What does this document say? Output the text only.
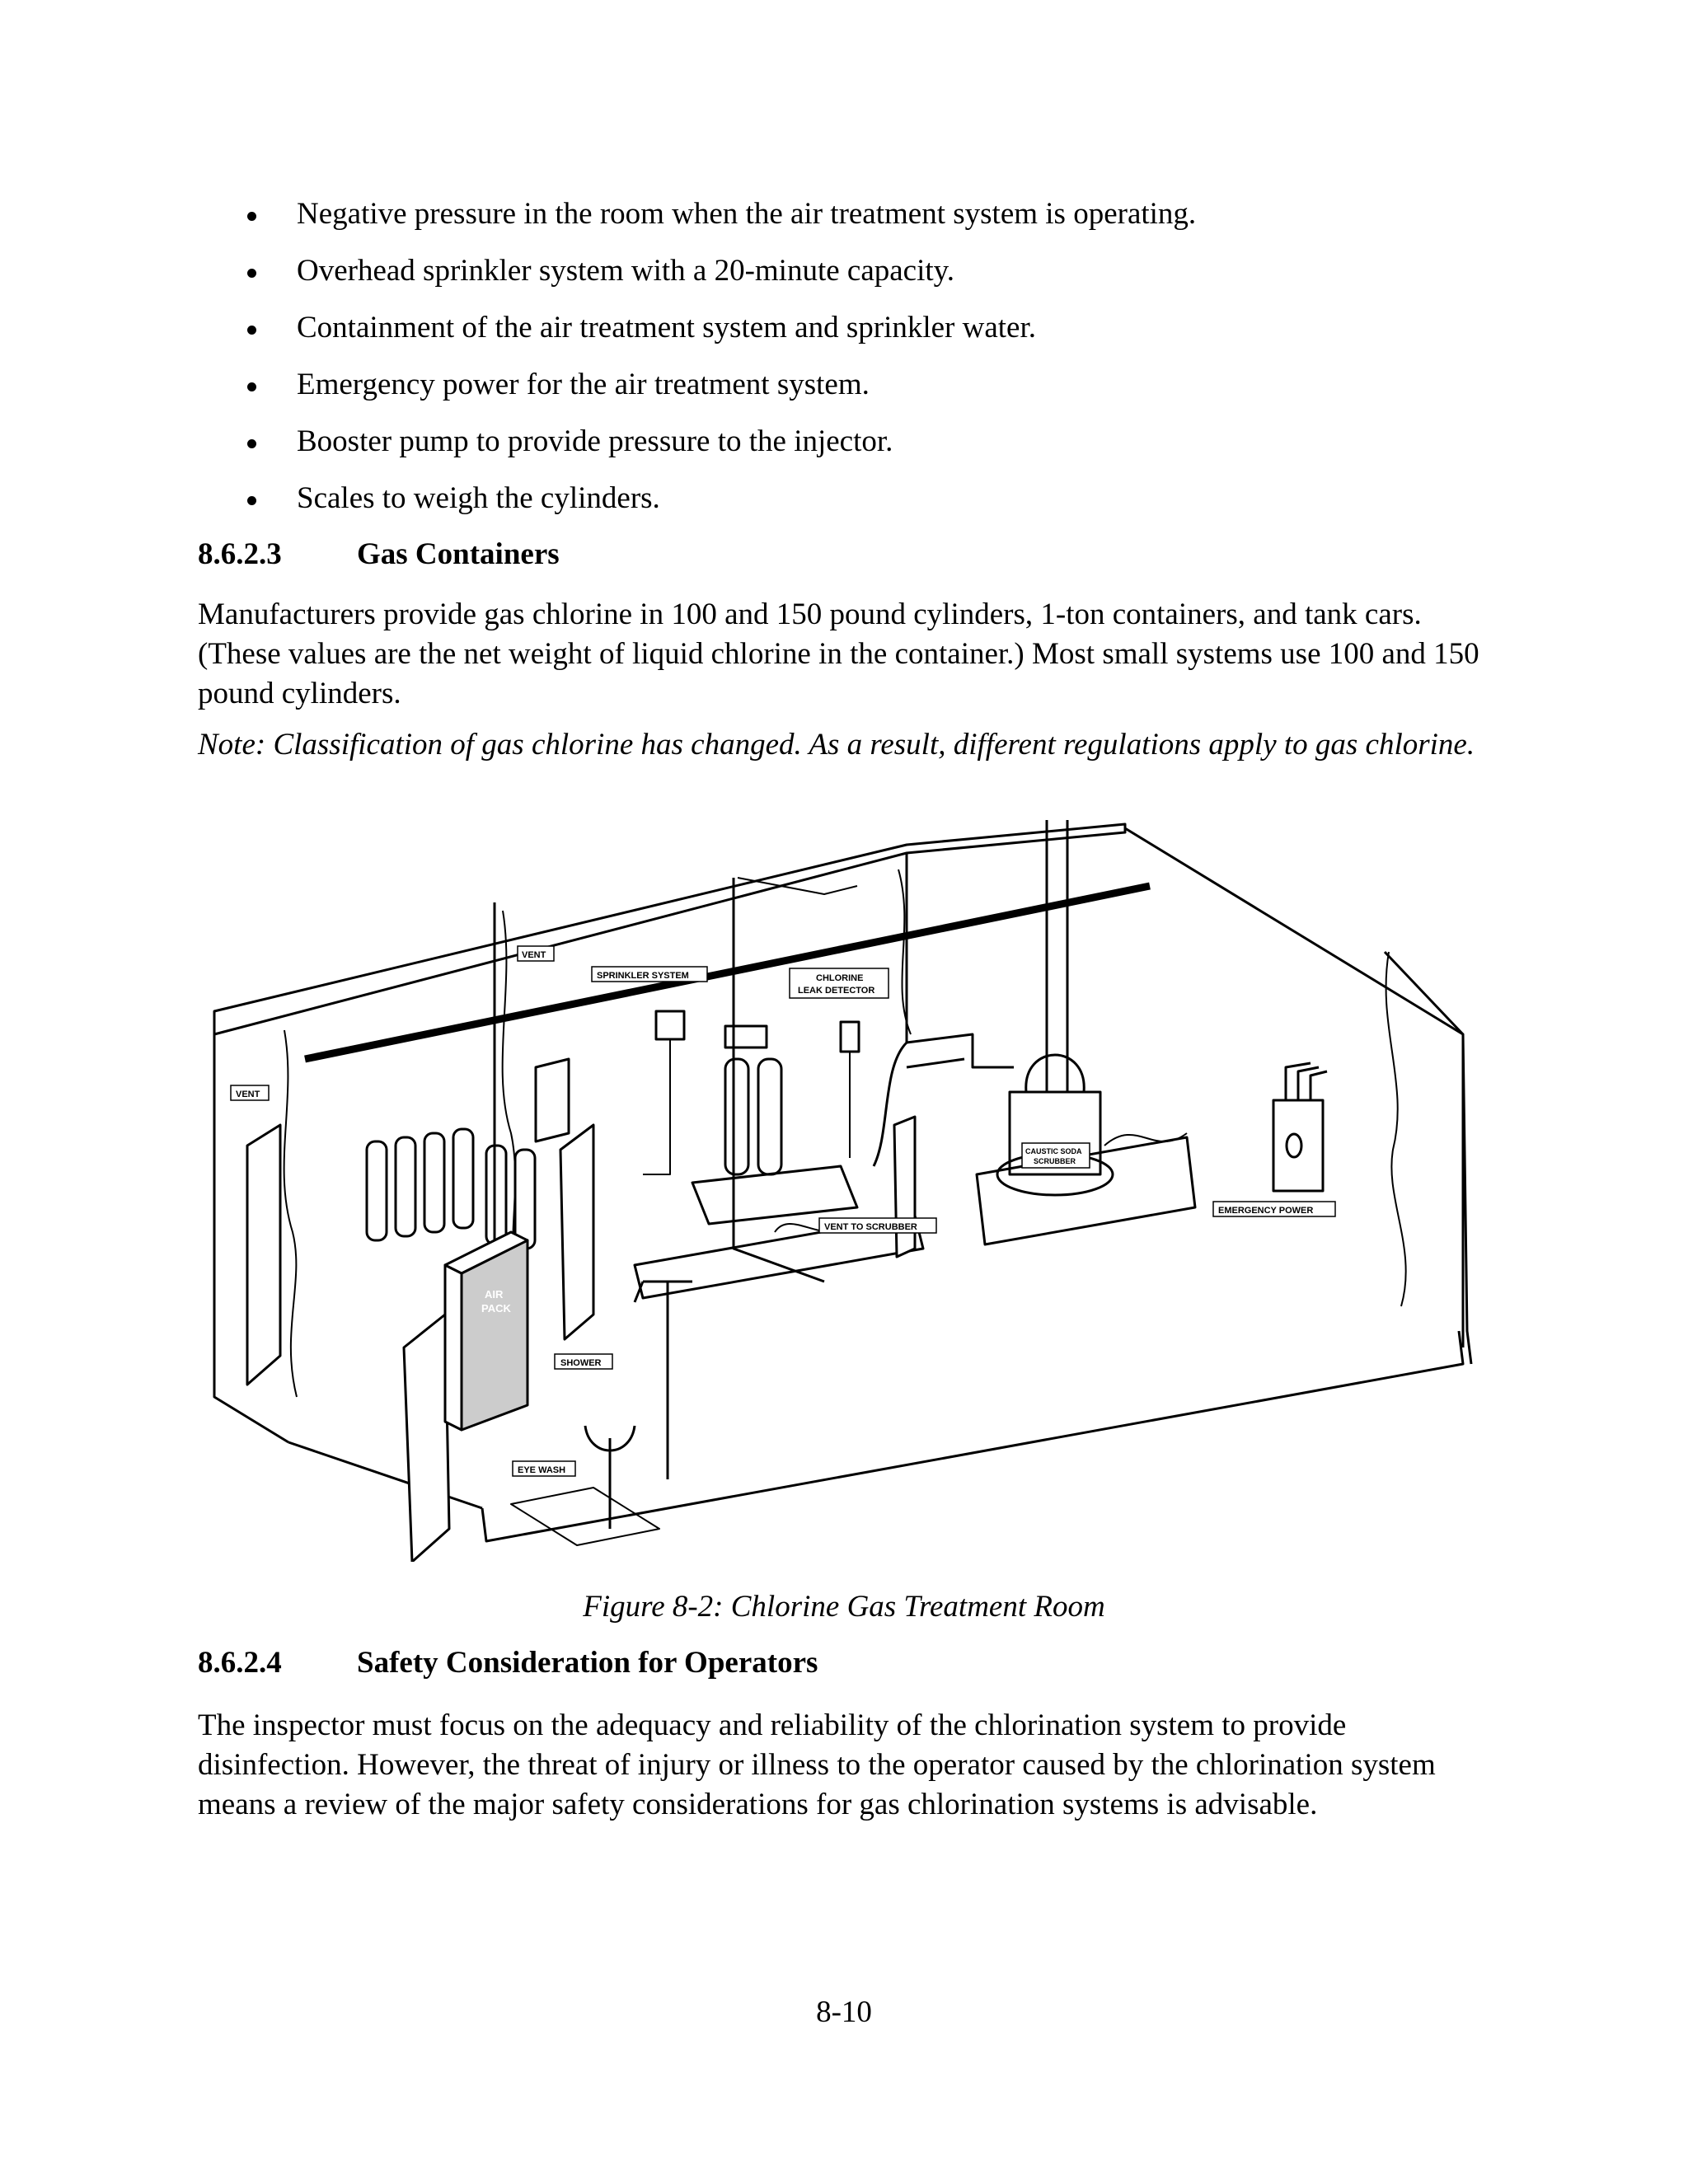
Negative pressure in the room when the air treatment system is operating.
Overhead sprinkler system with a 20-minute capacity.
Containment of the air treatment system and sprinkler water.
Emergency power for the air treatment system.
Booster pump to provide pressure to the injector.
Scales to weigh the cylinders.
8.6.2.3 Gas Containers

Manufacturers provide gas chlorine in 100 and 150 pound cylinders, 1-ton containers, and tank cars. (These values are the net weight of liquid chlorine in the container.) Most small systems use 100 and 150 pound cylinders.

Note: Classification of gas chlorine has changed. As a result, different regulations apply to gas chlorine.

VENT
SPRINKLER SYSTEM	CHLORINE
LEAK DETECTOR
VENT
AIR
PACK
VENT TO SCRUBBER
CAUSTIC SODA
SCRUBBER
EMERGENCY POWER
SHOWER
EYE WASH
Figure 8-2: Chlorine Gas Treatment Room
8.6.2.4 Safety Consideration for Operators

The inspector must focus on the adequacy and reliability of the chlorination system to provide disinfection. However, the threat of injury or illness to the operator caused by the chlorination system means a review of the major safety considerations for gas chlorination systems is advisable.

8-10
